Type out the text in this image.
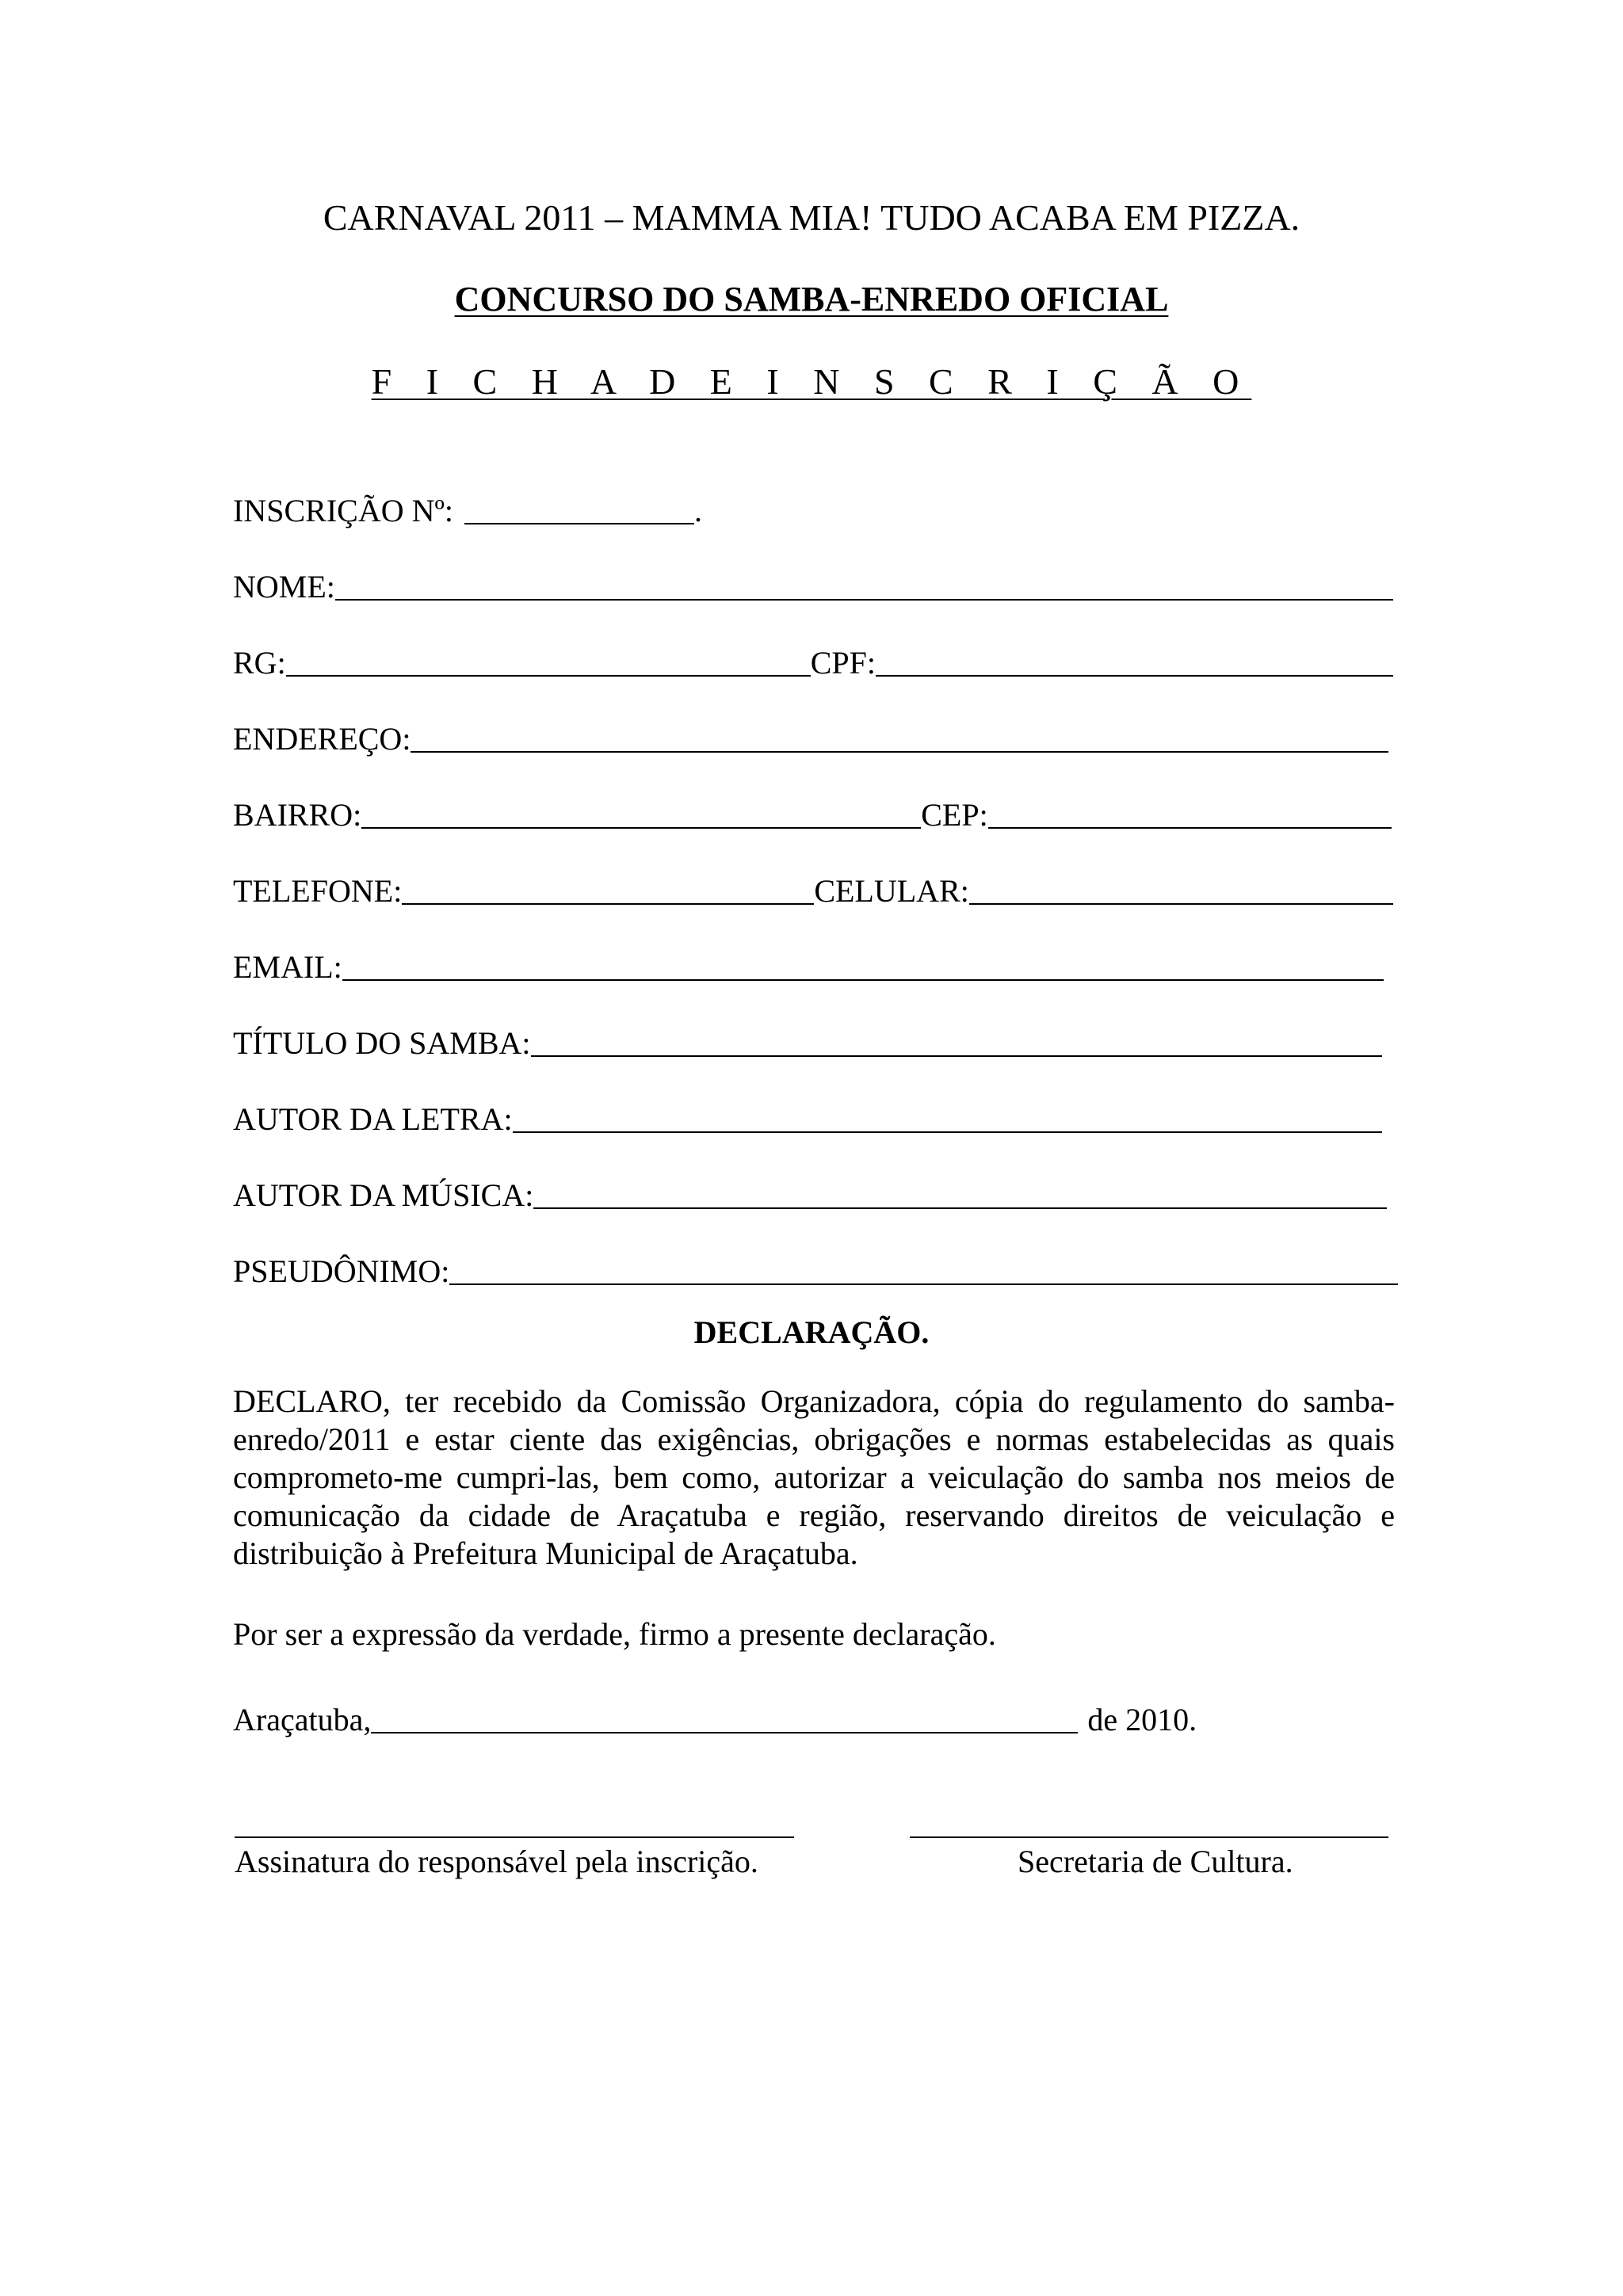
CARNAVAL 2011 – MAMMA MIA! TUDO ACABA EM PIZZA.
CONCURSO DO SAMBA-ENREDO OFICIAL
F I C H A D E I N S C R I Ç Ã O
INSCRIÇÃO Nº:	.
NOME:
RG:	CPF:
ENDEREÇO:
BAIRRO:	CEP:
TELEFONE:	CELULAR:
EMAIL:
TÍTULO DO SAMBA:
AUTOR DA LETRA:
AUTOR DA MÚSICA:
PSEUDÔNIMO:
DECLARAÇÃO.
DECLARO, ter recebido da Comissão Organizadora, cópia do regulamento do samba-enredo/2011 e estar ciente das exigências, obrigações e normas estabelecidas as quais comprometo-me cumpri-las, bem como, autorizar a veiculação do samba nos meios de comunicação da cidade de Araçatuba e região, reservando direitos de veiculação e distribuição à Prefeitura Municipal de Araçatuba.
Por ser a expressão da verdade, firmo a presente declaração.
Araçatuba,	de 2010.
Assinatura do responsável pela inscrição.	Secretaria de Cultura.
